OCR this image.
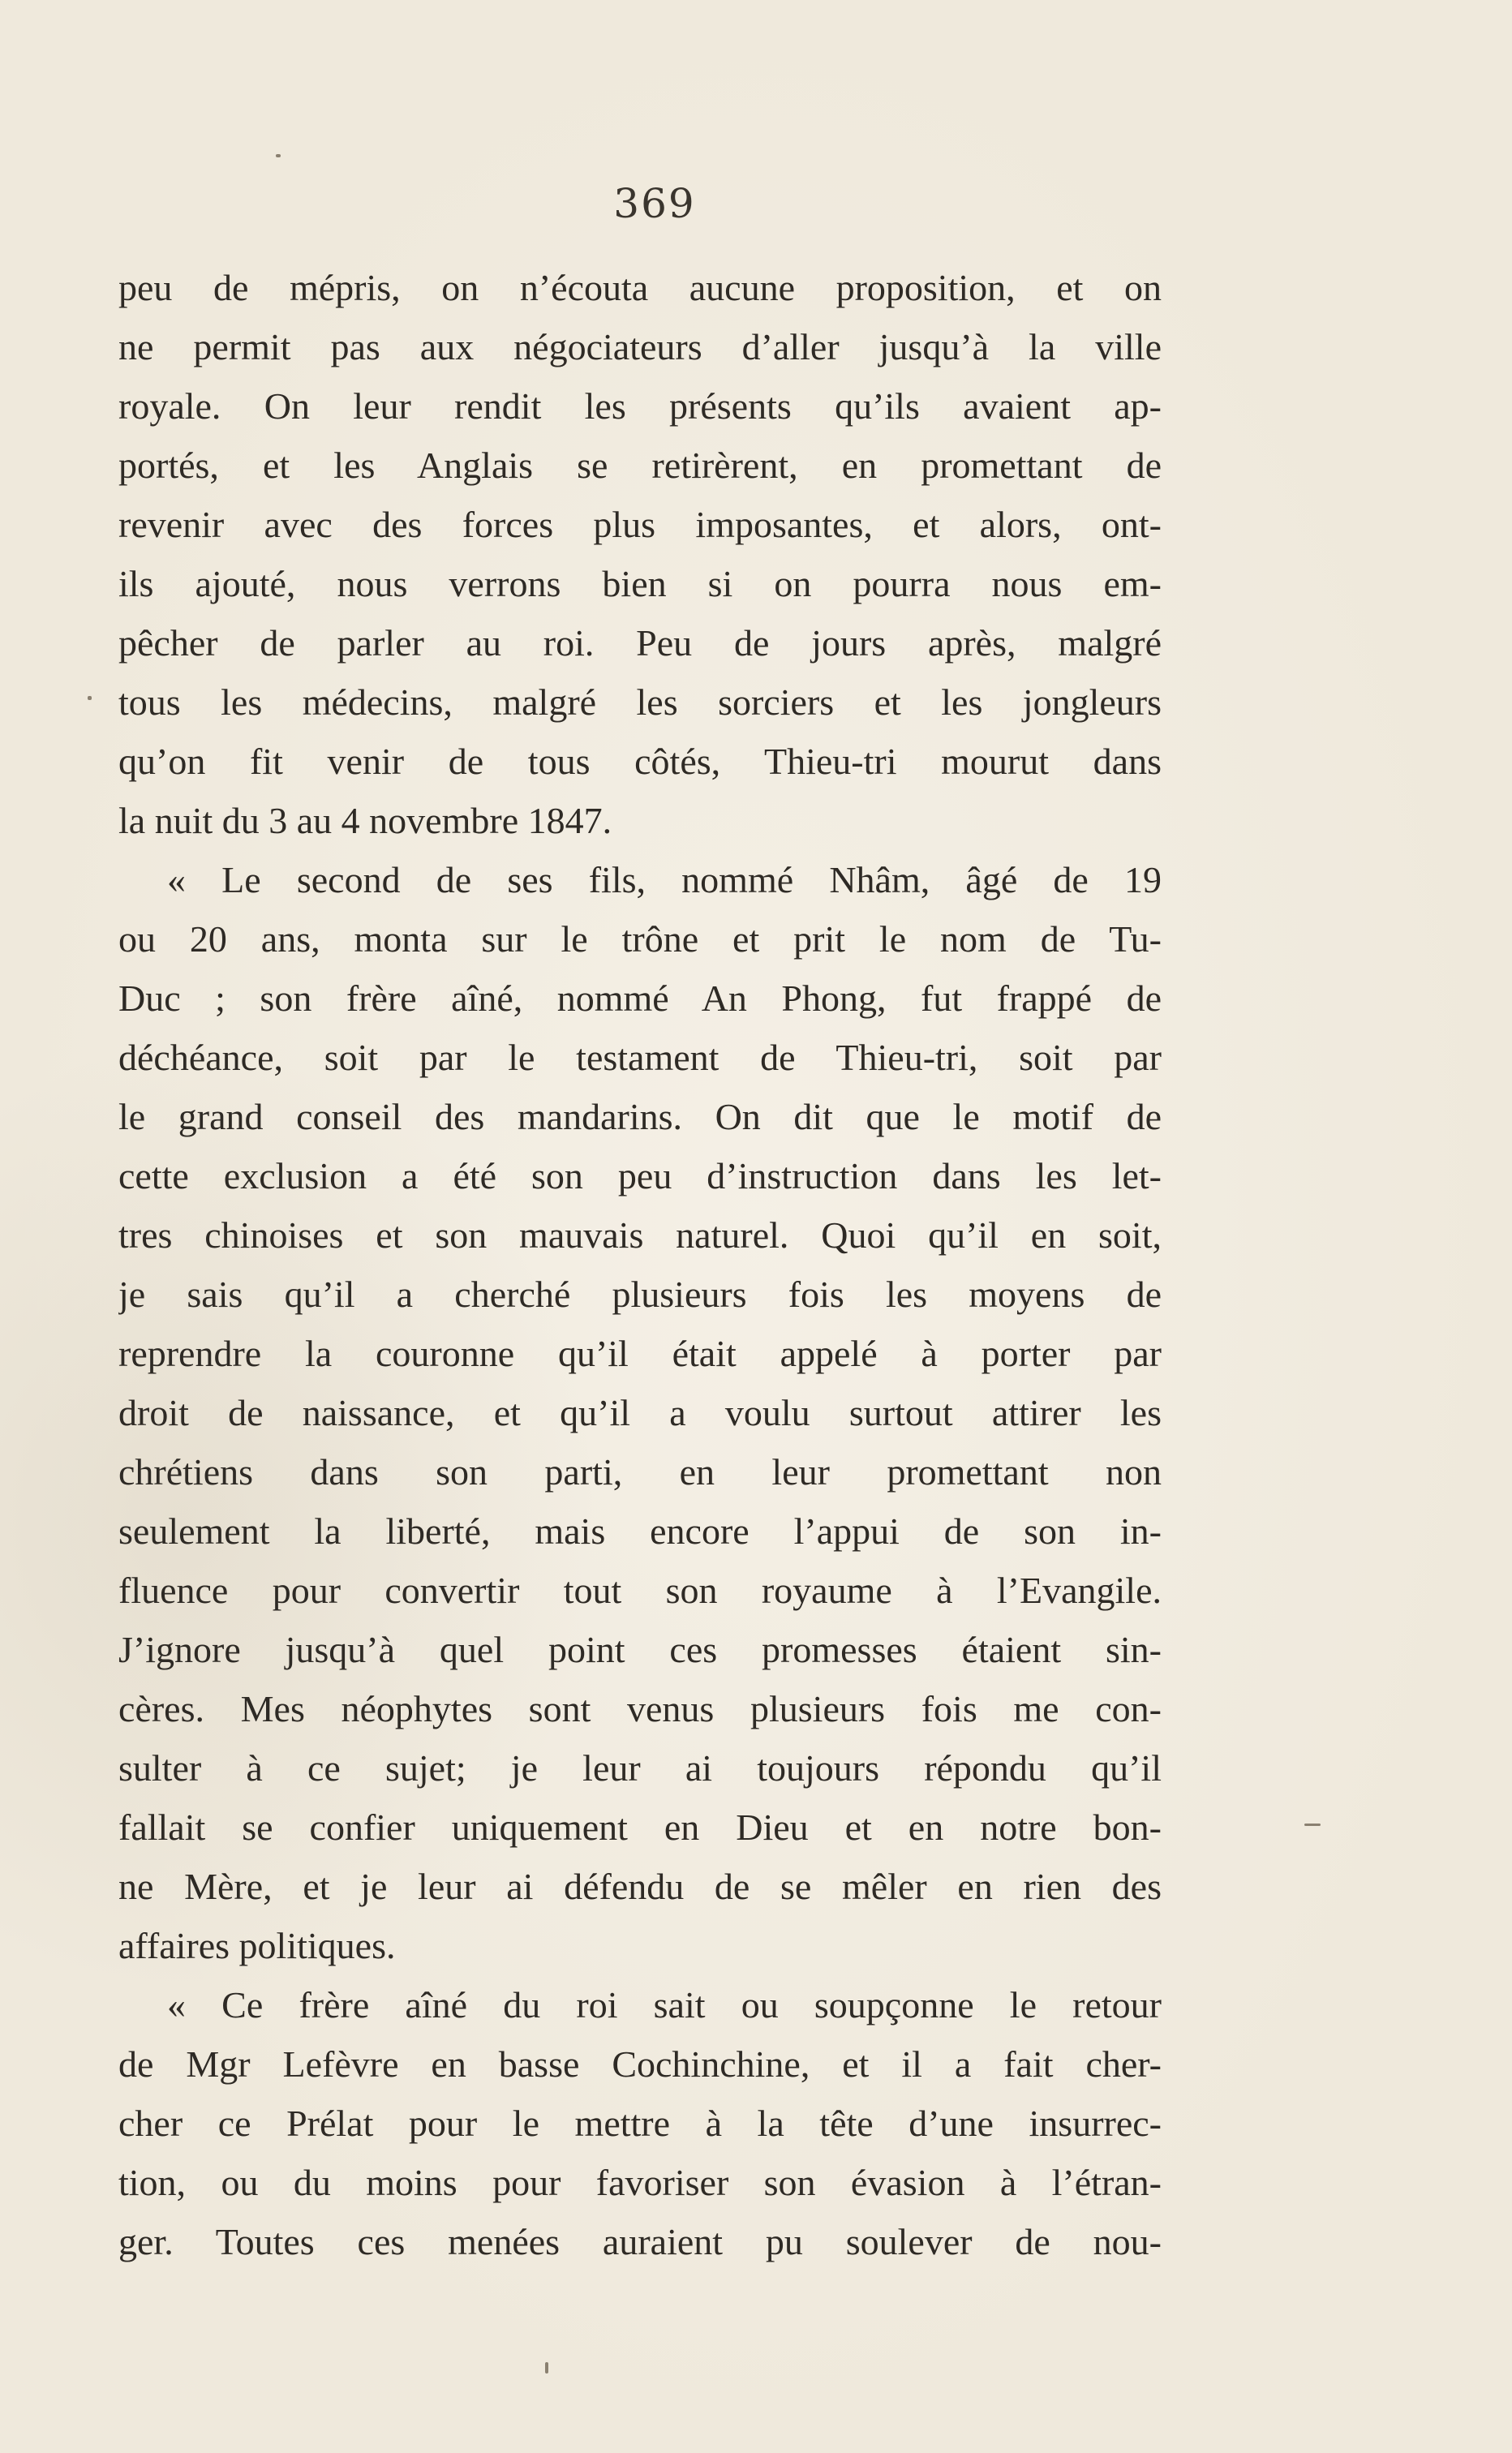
369
peu de mépris, on n’écouta aucune proposition, et on
ne permit pas aux négociateurs d’aller jusqu’à la ville
royale. On leur rendit les présents qu’ils avaient ap-
portés, et les Anglais se retirèrent, en promettant de
revenir avec des forces plus imposantes, et alors, ont-
ils ajouté, nous verrons bien si on pourra nous em-
pêcher de parler au roi. Peu de jours après, malgré
tous les médecins, malgré les sorciers et les jongleurs
qu’on fit venir de tous côtés, Thieu-tri mourut dans
la nuit du 3 au 4 novembre 1847.
« Le second de ses fils, nommé Nhâm, âgé de 19
ou 20 ans, monta sur le trône et prit le nom de Tu-
Duc ; son frère aîné, nommé An Phong, fut frappé de
déchéance, soit par le testament de Thieu-tri, soit par
le grand conseil des mandarins. On dit que le motif de
cette exclusion a été son peu d’instruction dans les let-
tres chinoises et son mauvais naturel. Quoi qu’il en soit,
je sais qu’il a cherché plusieurs fois les moyens de
reprendre la couronne qu’il était appelé à porter par
droit de naissance, et qu’il a voulu surtout attirer les
chrétiens dans son parti, en leur promettant non
seulement la liberté, mais encore l’appui de son in-
fluence pour convertir tout son royaume à l’Evangile.
J’ignore jusqu’à quel point ces promesses étaient sin-
cères. Mes néophytes sont venus plusieurs fois me con-
sulter à ce sujet; je leur ai toujours répondu qu’il
fallait se confier uniquement en Dieu et en notre bon-
ne Mère, et je leur ai défendu de se mêler en rien des
affaires politiques.
« Ce frère aîné du roi sait ou soupçonne le retour
de Mgr Lefèvre en basse Cochinchine, et il a fait cher-
cher ce Prélat pour le mettre à la tête d’une insurrec-
tion, ou du moins pour favoriser son évasion à l’étran-
ger. Toutes ces menées auraient pu soulever de nou-
